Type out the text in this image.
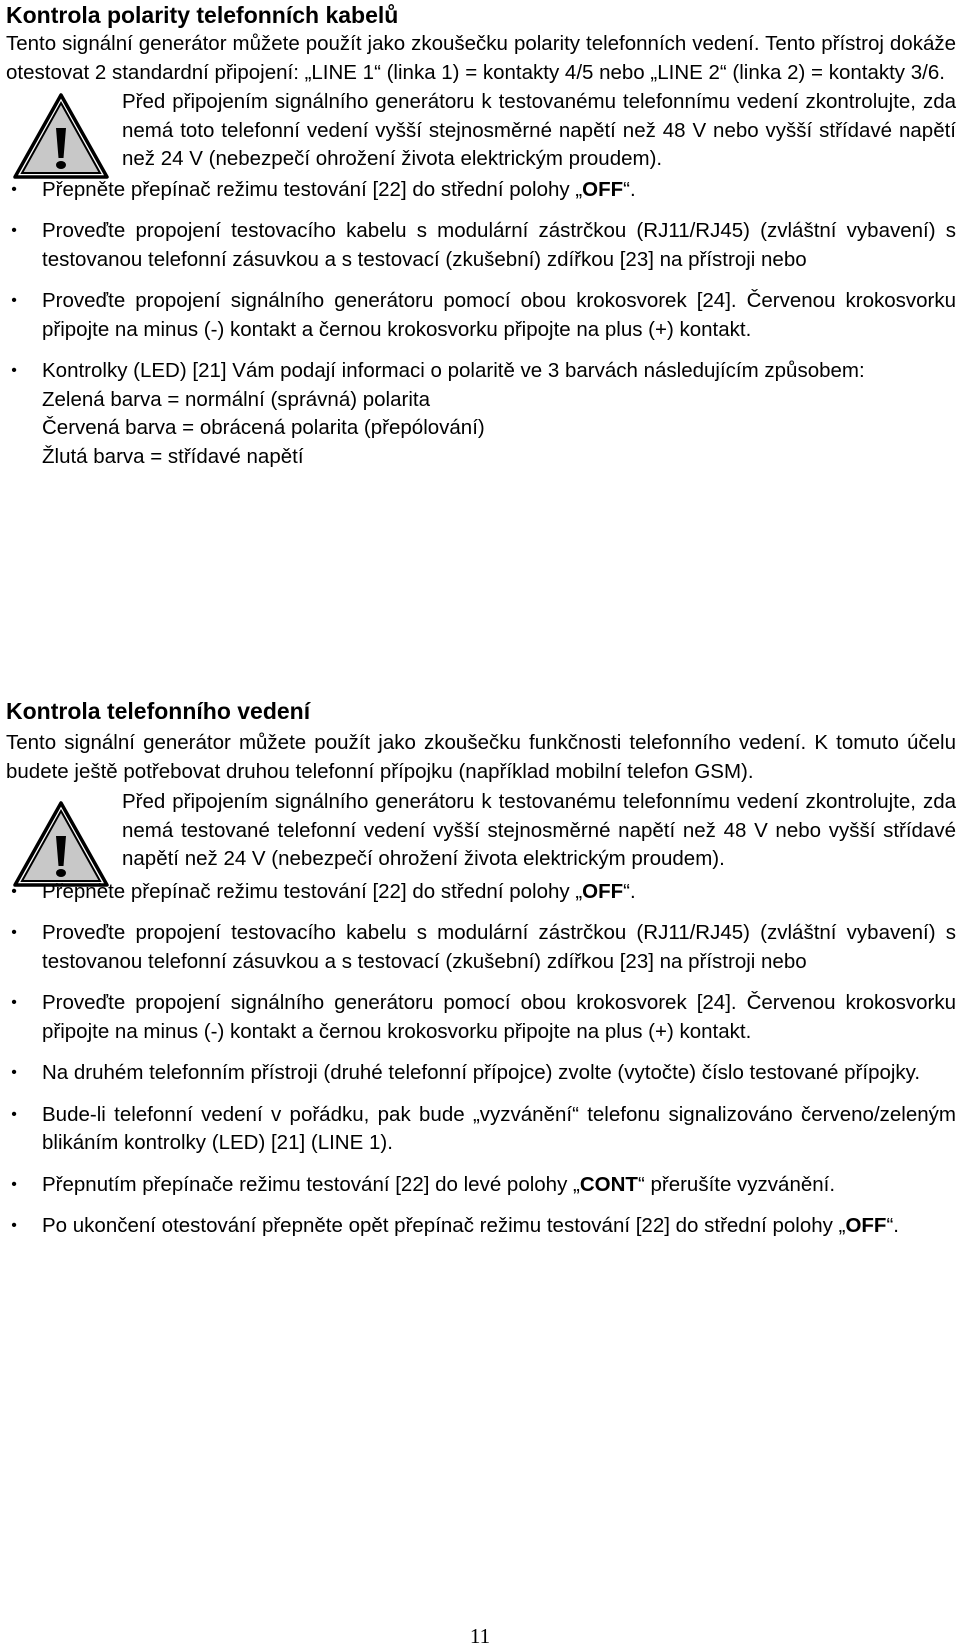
Kontrola polarity telefonních kabelů

Tento signální generátor můžete použít jako zkoušečku polarity telefonních vedení. Tento přístroj dokáže otestovat 2 standardní připojení: „LINE 1“ (linka 1) = kontakty 4/5 nebo „LINE 2“ (linka 2) = kontakty 3/6.

Před připojením signálního generátoru k testovanému telefonnímu vedení zkontrolujte, zda nemá toto telefonní vedení vyšší stejnosměrné napětí než 48 V nebo vyšší střídavé napětí než 24 V (nebezpečí ohrožení života elektrickým proudem).

• Přepněte přepínač režimu testování [22] do střední polohy „OFF“.

• Proveďte propojení testovacího kabelu s modulární zástrčkou (RJ11/RJ45) (zvláštní vybavení) s testovanou telefonní zásuvkou a s testovací (zkušební) zdířkou [23] na přístroji nebo

• Proveďte propojení signálního generátoru pomocí obou krokosvorek [24]. Červenou krokosvorku připojte na minus (-) kontakt a černou krokosvorku připojte na plus (+) kontakt.

• Kontrolky (LED) [21] Vám podají informaci o polaritě ve 3 barvách následujícím způsobem:

Zelená barva = normální (správná) polarita

Červená barva = obrácená polarita (přepólování)

Žlutá barva = střídavé napětí

Kontrola telefonního vedení

Tento signální generátor můžete použít jako zkoušečku funkčnosti telefonního vedení. K tomuto účelu budete ještě potřebovat druhou telefonní přípojku (například mobilní telefon GSM).

Před připojením signálního generátoru k testovanému telefonnímu vedení zkontrolujte, zda nemá testované telefonní vedení vyšší stejnosměrné napětí než 48 V nebo vyšší střídavé napětí než 24 V (nebezpečí ohrožení života elektrickým proudem).

• Přepněte přepínač režimu testování [22] do střední polohy „OFF“.

• Proveďte propojení testovacího kabelu s modulární zástrčkou (RJ11/RJ45) (zvláštní vybavení) s testovanou telefonní zásuvkou a s testovací (zkušební) zdířkou [23] na přístroji nebo

• Proveďte propojení signálního generátoru pomocí obou krokosvorek [24]. Červenou krokosvorku připojte na minus (-) kontakt a černou krokosvorku připojte na plus (+) kontakt.

• Na druhém telefonním přístroji (druhé telefonní přípojce) zvolte (vytočte) číslo testované přípojky.

• Bude-li telefonní vedení v pořádku, pak bude „vyzvánění“ telefonu signalizováno červeno/zeleným blikáním kontrolky (LED) [21] (LINE 1).

• Přepnutím přepínače režimu testování [22] do levé polohy „CONT“ přerušíte vyzvánění.

• Po ukončení otestování přepněte opět přepínač režimu testování [22] do střední polohy „OFF“.

11
